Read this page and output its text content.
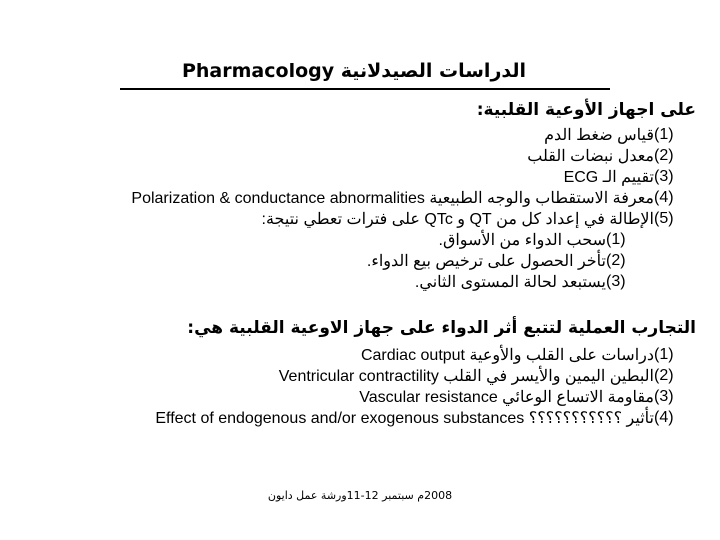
الدراسات الصيدلانية Pharmacology
على اجهاز الأوعية القلبية:
(1)
قياس ضغط الدم
(2)
معدل نبضات القلب
(3)
تقييم الـ ECG
(4)
معرفة الاستقطاب والوجه الطبيعية Polarization & conductance abnormalities
(5)
الإطالة في إعداد كل من QT و QTc على فترات تعطي نتيجة:
(1)
سحب الدواء من الأسواق.
(2)
تأخر الحصول على ترخيص بيع الدواء.
(3)
يستبعد لحالة المستوى الثاني.
التجارب العملية لتتبع أثر الدواء على جهاز الاوعية القلبية هي:
(1)
دراسات على القلب والأوعية Cardiac output
(2)
البطين اليمين والأيسر في القلب Ventricular contractility
(3)
مقاومة الاتساع الوعائي Vascular resistance
(4)
تأثير ؟؟؟؟؟؟؟؟؟؟؟ Effect of endogenous and/or exogenous substances
2008م سبتمبر 12-11ورشة عمل دايون
